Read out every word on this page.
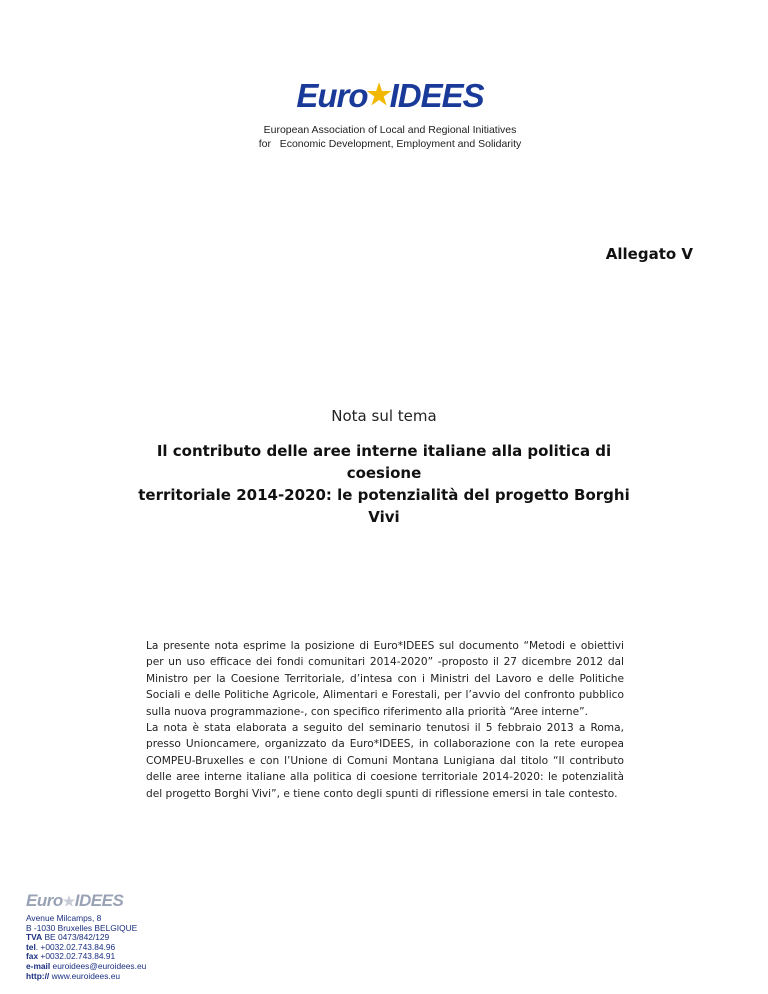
Euro ★ IDEES
European Association of Local and Regional Initiatives
for   Economic Development, Employment and Solidarity
Allegato V
Nota sul tema
Il contributo delle aree interne italiane alla politica di coesione
territoriale 2014-2020: le potenzialità del progetto Borghi Vivi

La presente nota esprime la posizione di Euro*IDEES sul documento “Metodi e obiettivi per un uso efficace dei fondi comunitari 2014-2020” -proposto il 27 dicembre 2012 dal Ministro per la Coesione Territoriale, d’intesa con i Ministri del Lavoro e delle Politiche Sociali e delle Politiche Agricole, Alimentari e Forestali, per l’avvio del confronto pubblico sulla nuova programmazione-, con specifico riferimento alla priorità “Aree interne”.

La nota è stata elaborata a seguito del seminario tenutosi il 5 febbraio 2013 a Roma, presso Unioncamere, organizzato da Euro*IDEES, in collaborazione con la rete europea COMPEU-Bruxelles e con l’Unione di Comuni Montana Lunigiana dal titolo “Il contributo delle aree interne italiane alla politica di coesione territoriale 2014-2020: le potenzialità del progetto Borghi Vivi”, e tiene conto degli spunti di riflessione emersi in tale contesto.

Euro★IDEES
Avenue Milcamps, 8
B -1030 Bruxelles BELGIQUE
TVA BE 0473/842/129
tel. +0032.02.743.84.96
fax +0032.02.743.84.91
e-mail euroidees@euroidees.eu
http:// www.euroidees.eu
